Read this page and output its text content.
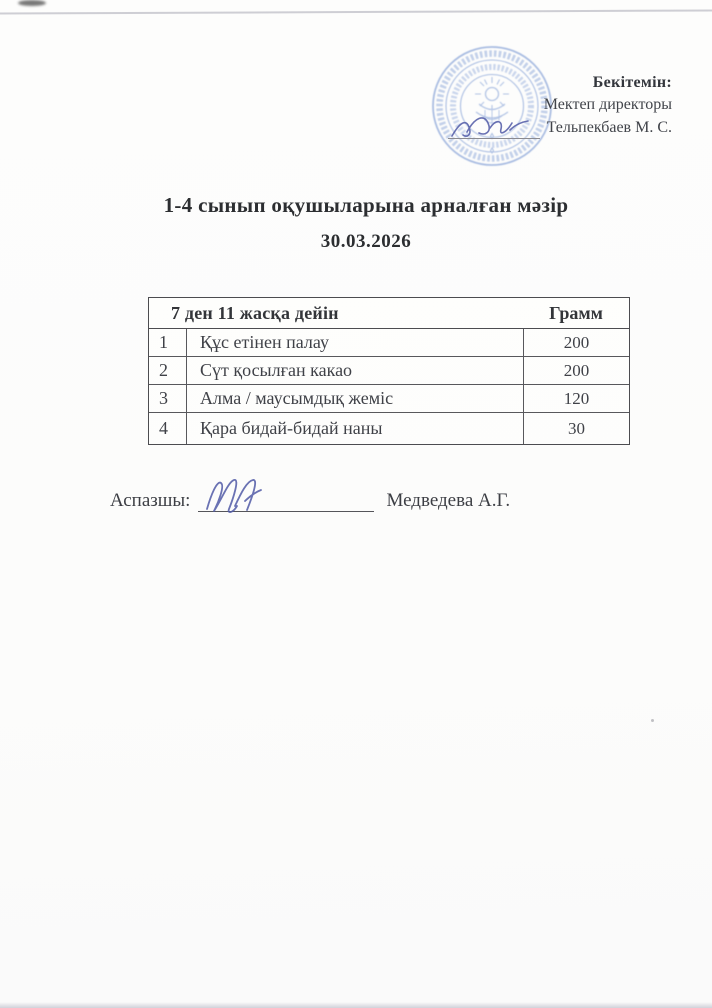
Бекітемін:
Мектеп директоры
Тельпекбаев М. С.
1-4 сынып оқушыларына арналған мәзір
30.03.2026
7 ден 11 жасқа дейін	Грамм
1	Құс етінен палау	200
2	Сүт қосылған какао	200
3	Алма / маусымдық жеміс	120
4	Қара бидай-бидай наны	30
Аспазшы:	Медведева А.Г.
